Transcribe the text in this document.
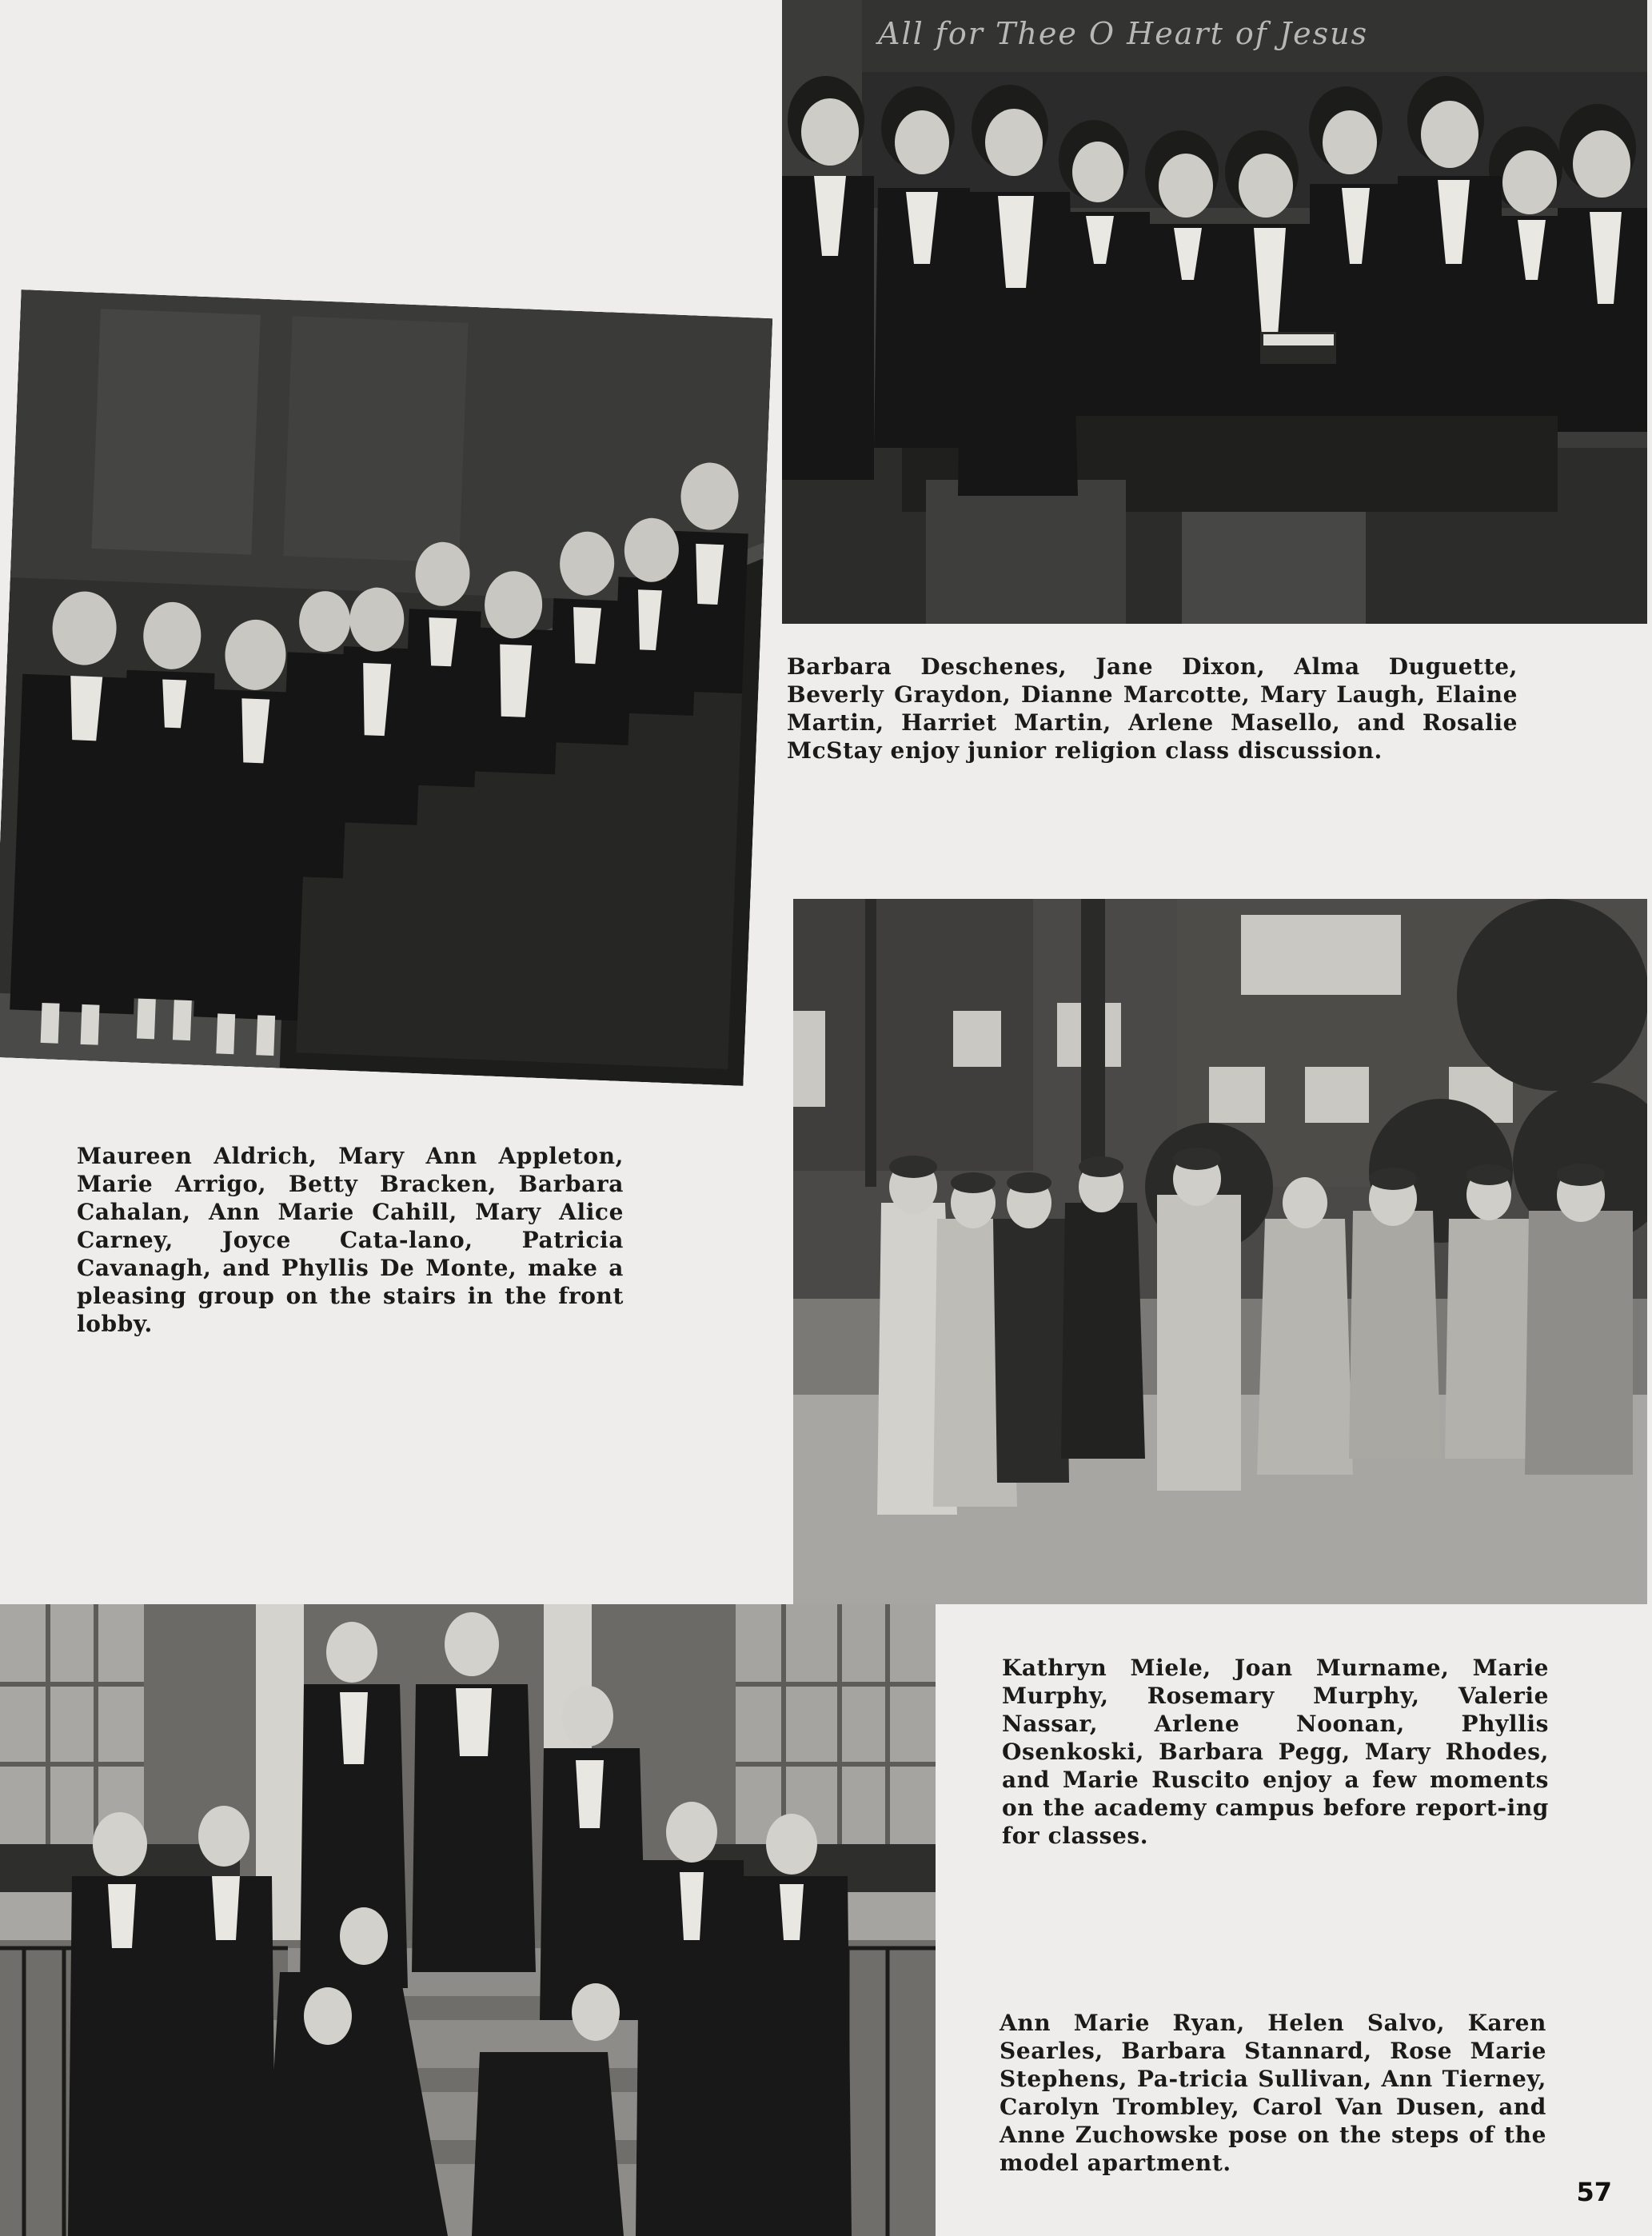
All for Thee O Heart of Jesus

Barbara Deschenes, Jane Dixon, Alma Duguette, Beverly Graydon, Dianne Marcotte, Mary Laugh, Elaine Martin, Harriet Martin, Arlene Masello, and Rosalie McStay enjoy junior religion class discussion.

Maureen Aldrich, Mary Ann Appleton, Marie Arrigo, Betty Bracken, Barbara Cahalan, Ann Marie Cahill, Mary Alice Carney, Joyce Cata-lano, Patricia Cavanagh, and Phyllis De Monte, make a pleasing group on the stairs in the front lobby.

Kathryn Miele, Joan Murname, Marie Murphy, Rosemary Murphy, Valerie Nassar, Arlene Noonan, Phyllis Osenkoski, Barbara Pegg, Mary Rhodes, and Marie Ruscito enjoy a few moments on the academy campus before report-ing for classes.

Ann Marie Ryan, Helen Salvo, Karen Searles, Barbara Stannard, Rose Marie Stephens, Pa-tricia Sullivan, Ann Tierney, Carolyn Trombley, Carol Van Dusen, and Anne Zuchowske pose on the steps of the model apartment.

57
